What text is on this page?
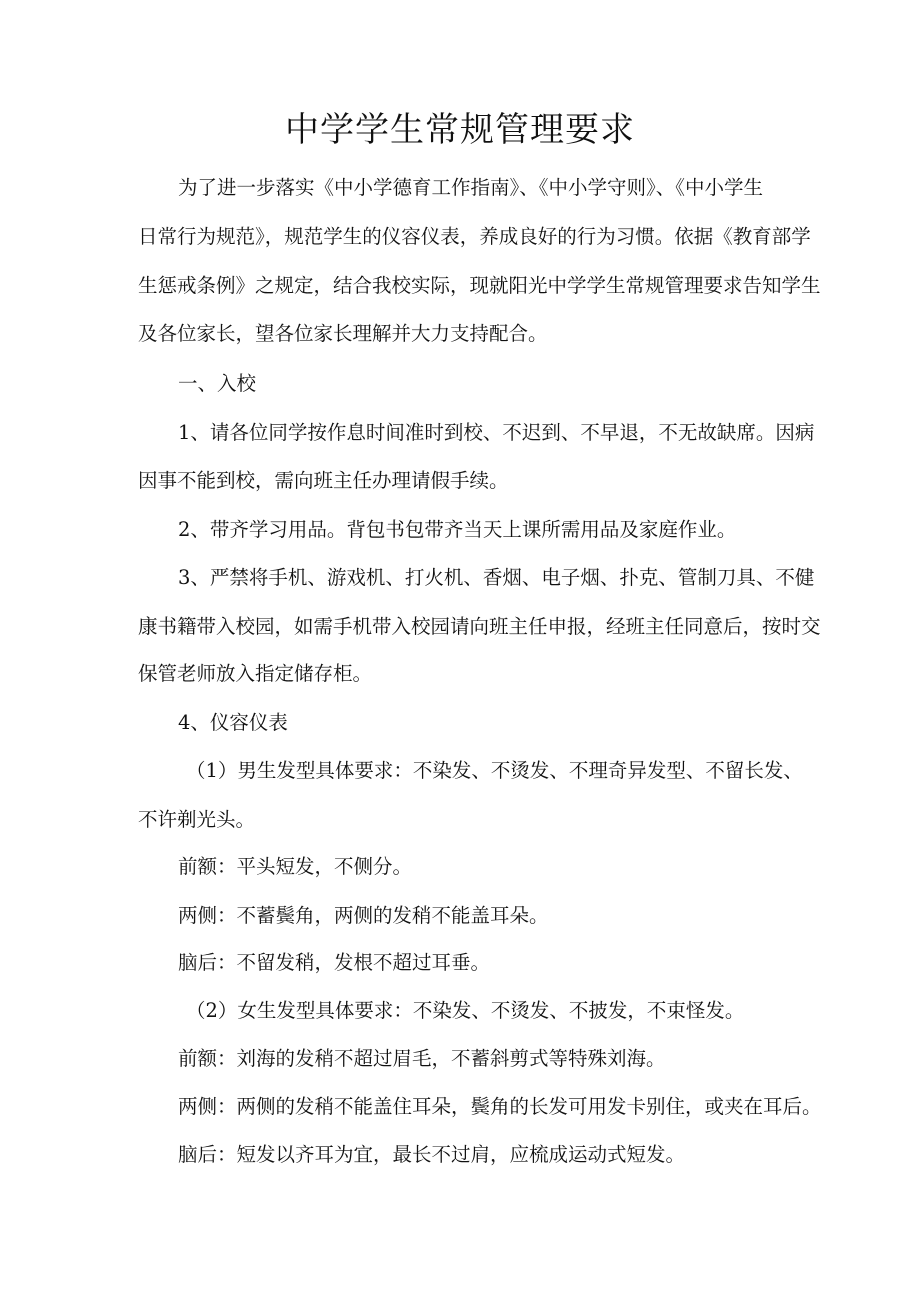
中学学生常规管理要求
为了进一步落实《中小学德育工作指南》、《中小学守则》、《中小学生
日常行为规范》，规范学生的仪容仪表，养成良好的行为习惯。依据《教育部学
生惩戒条例》之规定，结合我校实际，现就阳光中学学生常规管理要求告知学生
及各位家长，望各位家长理解并大力支持配合。
一、入校
1、请各位同学按作息时间准时到校、不迟到、不早退，不无故缺席。因病
因事不能到校，需向班主任办理请假手续。
2、带齐学习用品。背包书包带齐当天上课所需用品及家庭作业。
3、严禁将手机、游戏机、打火机、香烟、电子烟、扑克、管制刀具、不健
康书籍带入校园，如需手机带入校园请向班主任申报，经班主任同意后，按时交
保管老师放入指定储存柜。
4、仪容仪表
（1）男生发型具体要求：不染发、不烫发、不理奇异发型、不留长发、
不许剃光头。
前额：平头短发，不侧分。
两侧：不蓄鬓角，两侧的发稍不能盖耳朵。
脑后：不留发稍，发根不超过耳垂。
（2）女生发型具体要求：不染发、不烫发、不披发，不束怪发。
前额：刘海的发稍不超过眉毛，不蓄斜剪式等特殊刘海。
两侧：两侧的发稍不能盖住耳朵，鬓角的长发可用发卡别住，或夹在耳后。
脑后：短发以齐耳为宜，最长不过肩，应梳成运动式短发。
